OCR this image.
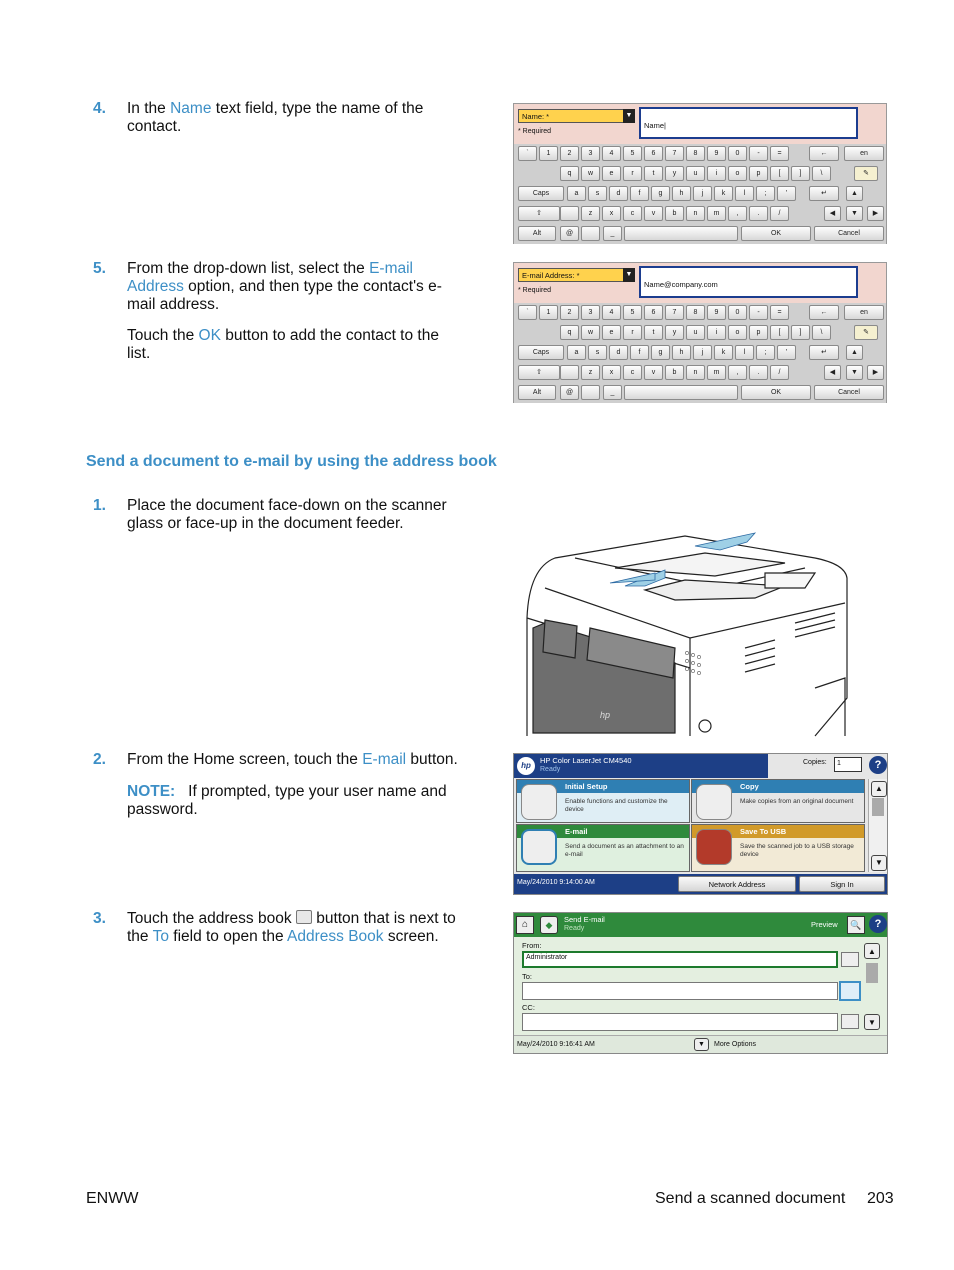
4. In the Name text field, type the name of the contact.
Name: *	▼
* Required
Name|
`	1	2	3	4	5	6	7	8	9	0	-	=	←	en
q	w	e	r	t	y	u	i	o	p	[	]	\	✎
Caps	a	s	d	f	g	h	j	k	l	;	'	↵	▲
⇧	z	x	c	v	b	n	m	,	.	/	◀	▼	▶
Alt	@	_	OK	Cancel
5. From the drop-down list, select the E-mail Address option, and then type the contact's e-mail address.
Touch the OK button to add the contact to the list.
E-mail Address: *	▼
* Required
Name@company.com
`	1	2	3	4	5	6	7	8	9	0	-	=	←	en
q	w	e	r	t	y	u	i	o	p	[	]	\	✎
Caps	a	s	d	f	g	h	j	k	l	;	'	↵	▲
⇧	z	x	c	v	b	n	m	,	.	/	◀	▼	▶
Alt	@	_	OK	Cancel
Send a document to e-mail by using the address book
1. Place the document face-down on the scanner glass or face-up in the document feeder.
hp
2. From the Home screen, touch the E-mail button.
NOTE: If prompted, type your user name and password.
hp
HP Color LaserJet CM4540
Ready
Copies:	1	?
Initial Setup
Enable functions and customize the device
Copy
Make copies from an original document
E-mail
Send a document as an attachment to an e-mail
Save To USB
Save the scanned job to a USB storage device
▲
▼
May/24/2010 9:14:00 AM	Network Address	Sign In
3. Touch the address book  button that is next to the To field to open the Address Book screen.
⌂	◆
Send E-mail
Ready	Preview	🔍	?
From:
Administrator
To:
CC:
▲
▼
May/24/2010 9:16:41 AM	▼	More Options
ENWW	Send a scanned document 203
